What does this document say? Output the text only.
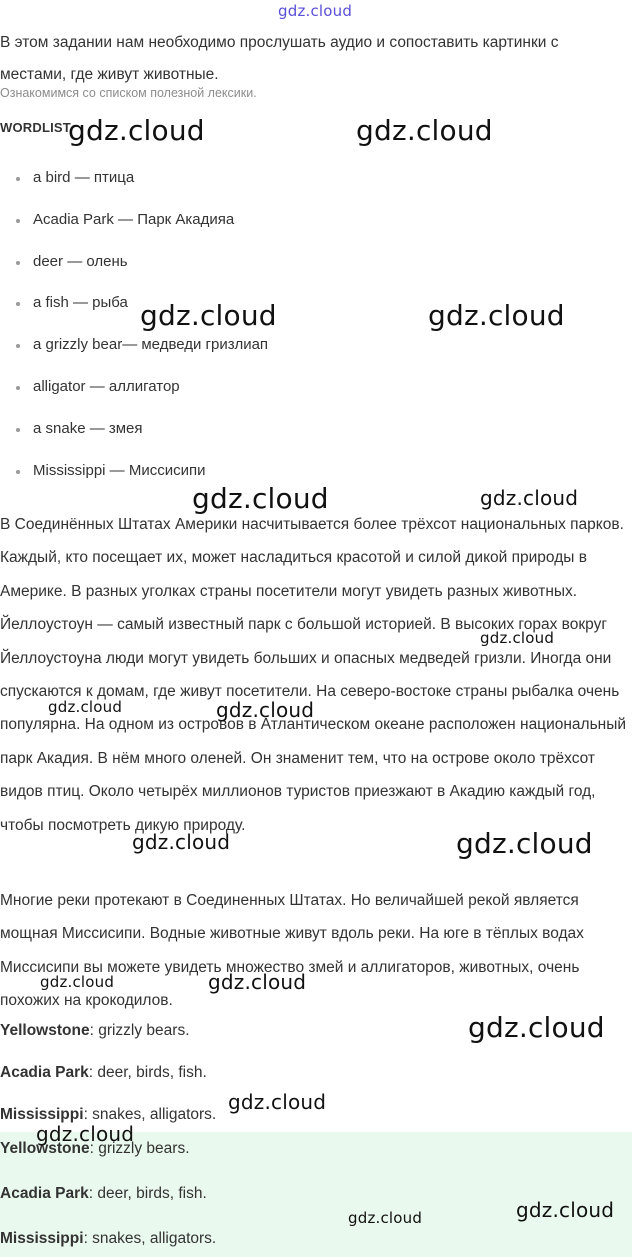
gdz.cloud
В этом задании нам необходимо прослушать аудио и сопоставить картинки с местами, где живут животные.
Ознакомимся со списком полезной лексики.
WORDLIST
a bird — птица
Acadia Park — Парк Акадияа
deer — олень
a fish — рыба
a grizzly bear— медведи гризлиап
alligator — аллигатор
a snake — змея
Mississippi — Миссисипи
В Соединённых Штатах Америки насчитывается более трёхсот национальных парков. Каждый, кто посещает их, может насладиться красотой и силой дикой природы в Америке. В разных уголках страны посетители могут увидеть разных животных. Йеллоустоун — самый известный парк с большой историей. В высоких горах вокруг Йеллоустоуна люди могут увидеть больших и опасных медведей гризли. Иногда они спускаются к домам, где живут посетители. На северо-востоке страны рыбалка очень популярна. На одном из островов в Атлантическом океане расположен национальный парк Акадия. В нём много оленей. Он знаменит тем, что на острове около трёхсот видов птиц. Около четырёх миллионов туристов приезжают в Акадию каждый год, чтобы посмотреть дикую природу.
Многие реки протекают в Соединенных Штатах. Но величайшей рекой является мощная Миссисипи. Водные животные живут вдоль реки. На юге в тёплых водах Миссисипи вы можете увидеть множество змей и аллигаторов, животных, очень похожих на крокодилов.
Yellowstone: grizzly bears.
Acadia Park: deer, birds, fish.
Mississippi: snakes, alligators.
Yellowstone: grizzly bears.
Acadia Park: deer, birds, fish.
Mississippi: snakes, alligators.
gdz.cloud	gdz.cloud
gdz.cloud	gdz.cloud
gdz.cloud	gdz.cloud
gdz.cloud
gdz.cloud	gdz.cloud
gdz.cloud	gdz.cloud
gdz.cloud	gdz.cloud
gdz.cloud
gdz.cloud
gdz.cloud
gdz.cloud
gdz.cloud
